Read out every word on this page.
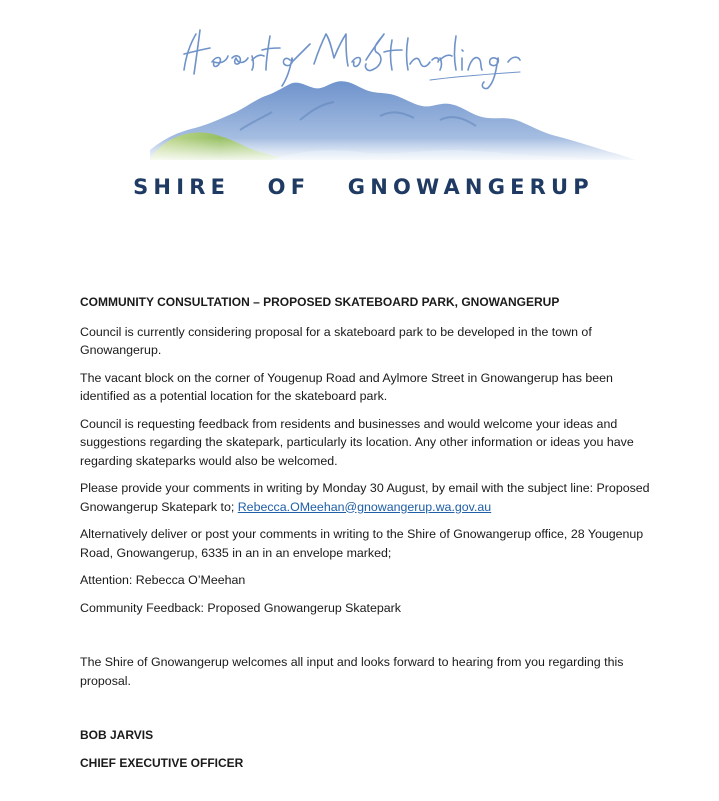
SHIRE   OF   GNOWANGERUP

COMMUNITY CONSULTATION – PROPOSED SKATEBOARD PARK, GNOWANGERUP

Council is currently considering proposal for a skateboard park to be developed in the town of Gnowangerup.

The vacant block on the corner of Yougenup Road and Aylmore Street in Gnowangerup has been identified as a potential location for the skateboard park.

Council is requesting feedback from residents and businesses and would welcome your ideas and suggestions regarding the skatepark, particularly its location. Any other information or ideas you have regarding skateparks would also be welcomed.

Please provide your comments in writing by Monday 30 August, by email with the subject line: Proposed Gnowangerup Skatepark to; Rebecca.OMeehan@gnowangerup.wa.gov.au

Alternatively deliver or post your comments in writing to the Shire of Gnowangerup office, 28 Yougenup Road, Gnowangerup, 6335 in an in an envelope marked;

Attention: Rebecca O’Meehan

Community Feedback: Proposed Gnowangerup Skatepark

The Shire of Gnowangerup welcomes all input and looks forward to hearing from you regarding this proposal.

BOB JARVIS

CHIEF EXECUTIVE OFFICER
